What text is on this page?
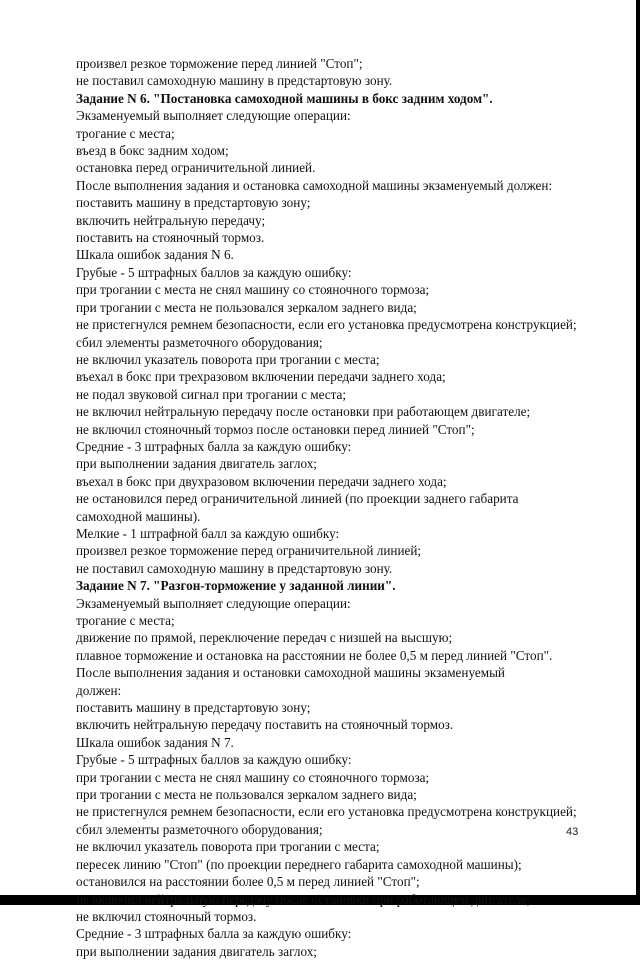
произвел резкое торможение перед линией "Стоп";
не поставил самоходную машину в предстартовую зону.
Задание N 6. "Постановка самоходной машины в бокс задним ходом".
Экзаменуемый выполняет следующие операции:
трогание с места;
въезд в бокс задним ходом;
остановка перед ограничительной линией.
После выполнения задания и остановка самоходной машины экзаменуемый должен:
поставить машину в предстартовую зону;
включить нейтральную передачу;
поставить на стояночный тормоз.
Шкала ошибок задания N 6.
Грубые - 5 штрафных баллов за каждую ошибку:
при трогании с места не снял машину со стояночного тормоза;
при трогании с места не пользовался зеркалом заднего вида;
не пристегнулся ремнем безопасности, если его установка предусмотрена конструкцией;
сбил элементы разметочного оборудования;
не включил указатель поворота при трогании с места;
въехал в бокс при трехразовом включении передачи заднего хода;
не подал звуковой сигнал при трогании с места;
не включил нейтральную передачу после остановки при работающем двигателе;
не включил стояночный тормоз после остановки перед линией "Стоп";
Средние - 3 штрафных балла за каждую ошибку:
при выполнении задания двигатель заглох;
въехал в бокс при двухразовом включении передачи заднего хода;
не остановился перед ограничительной линией (по проекции заднего габарита самоходной машины).
Мелкие - 1 штрафной балл за каждую ошибку:
произвел резкое торможение перед ограничительной линией;
не поставил самоходную машину в предстартовую зону.
Задание N 7. "Разгон-торможение у заданной линии".
Экзаменуемый выполняет следующие операции:
трогание с места;
движение по прямой, переключение передач с низшей на высшую;
плавное торможение и остановка на расстоянии не более 0,5 м перед линией "Стоп".
После выполнения задания и остановки самоходной машины экзаменуемый
должен:
поставить машину в предстартовую зону;
включить нейтральную передачу поставить на стояночный тормоз.
Шкала ошибок задания N 7.
Грубые - 5 штрафных баллов за каждую ошибку:
при трогании с места не снял машину со стояночного тормоза;
при трогании с места не пользовался зеркалом заднего вида;
не пристегнулся ремнем безопасности, если его установка предусмотрена конструкцией;
сбил элементы разметочного оборудования;
не включил указатель поворота при трогании с места;
пересек линию "Стоп" (по проекции переднего габарита самоходной машины);
остановился на расстоянии более 0,5 м перед линией "Стоп";
не включил нейтральную передачу после остановки при работающем двигателе;
не включил стояночный тормоз.
Средние - 3 штрафных балла за каждую ошибку:
при выполнении задания двигатель заглох;
43
